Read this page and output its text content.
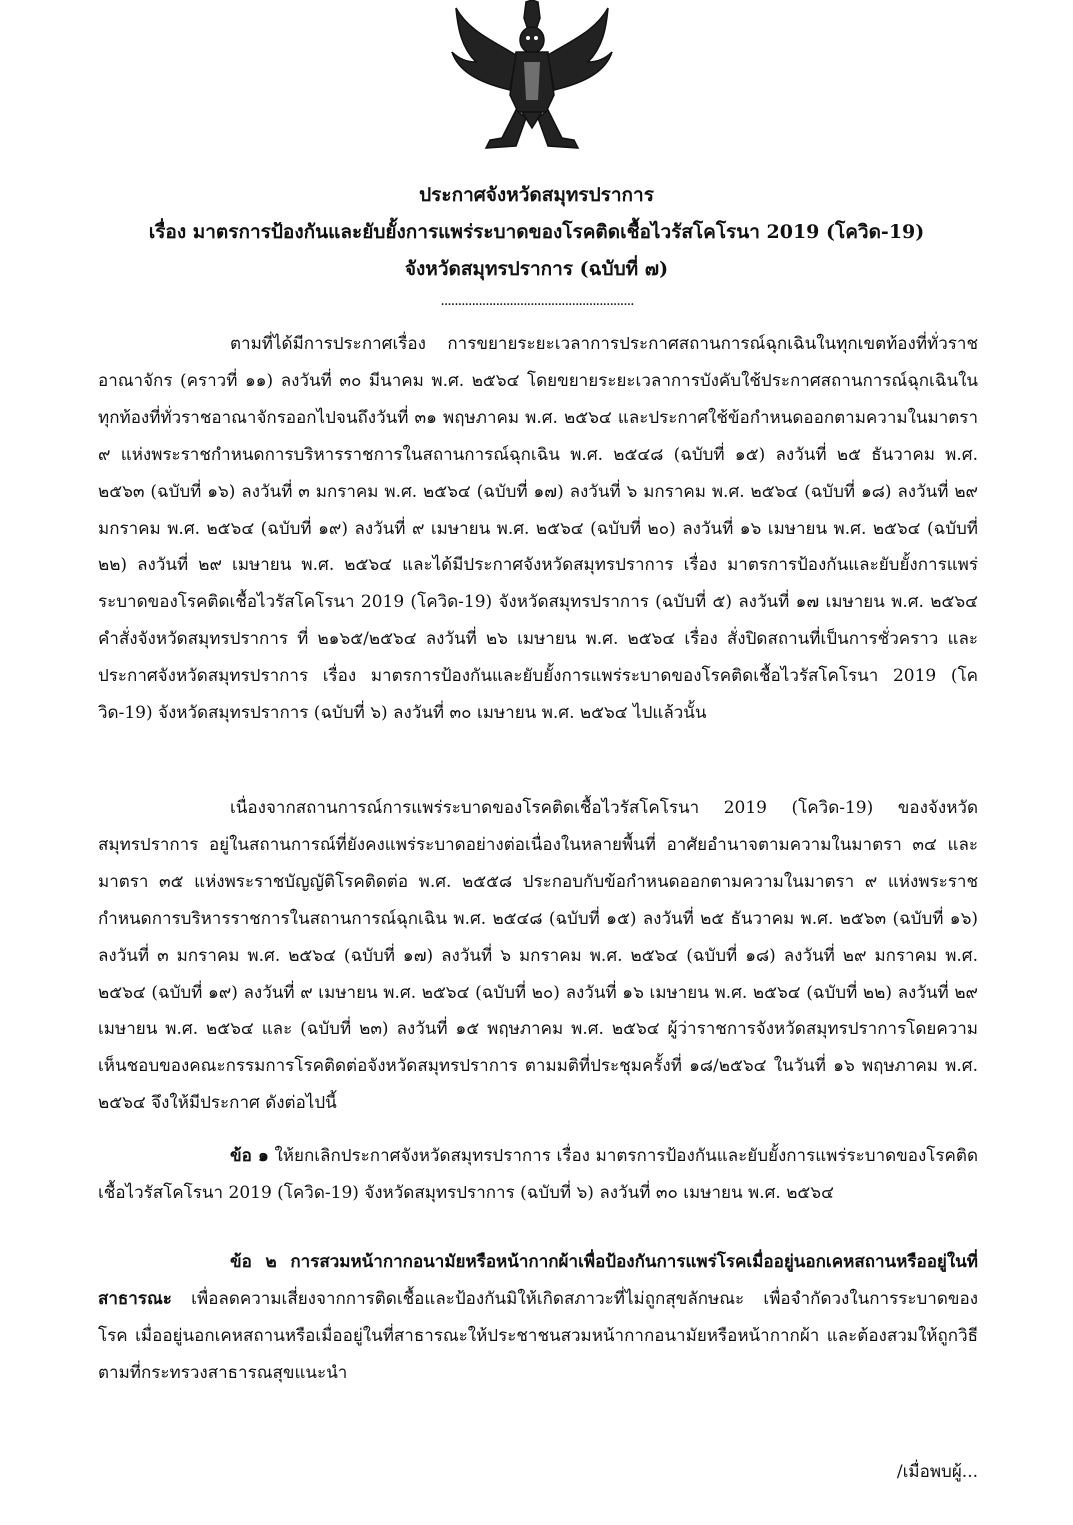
ประกาศจังหวัดสมุทรปราการ
เรื่อง มาตรการป้องกันและยับยั้งการแพร่ระบาดของโรคติดเชื้อไวรัสโคโรนา 2019 (โควิด-19)
จังหวัดสมุทรปราการ (ฉบับที่ ๗)
........................................................
ตามที่ได้มีการประกาศเรื่อง การขยายระยะเวลาการประกาศสถานการณ์ฉุกเฉินในทุกเขตท้องที่ทั่วราชอาณาจักร (คราวที่ ๑๑) ลงวันที่ ๓๐ มีนาคม พ.ศ. ๒๕๖๔ โดยขยายระยะเวลาการบังคับใช้ประกาศสถานการณ์ฉุกเฉินในทุกท้องที่ทั่วราชอาณาจักรออกไปจนถึงวันที่ ๓๑ พฤษภาคม พ.ศ. ๒๕๖๔ และประกาศใช้ข้อกำหนดออกตามความในมาตรา ๙ แห่งพระราชกำหนดการบริหารราชการในสถานการณ์ฉุกเฉิน พ.ศ. ๒๕๔๘ (ฉบับที่ ๑๕) ลงวันที่ ๒๕ ธันวาคม พ.ศ. ๒๕๖๓ (ฉบับที่ ๑๖) ลงวันที่ ๓ มกราคม พ.ศ. ๒๕๖๔ (ฉบับที่ ๑๗) ลงวันที่ ๖ มกราคม พ.ศ. ๒๕๖๔ (ฉบับที่ ๑๘) ลงวันที่ ๒๙ มกราคม พ.ศ. ๒๕๖๔ (ฉบับที่ ๑๙) ลงวันที่ ๙ เมษายน พ.ศ. ๒๕๖๔ (ฉบับที่ ๒๐) ลงวันที่ ๑๖ เมษายน พ.ศ. ๒๕๖๔ (ฉบับที่ ๒๒) ลงวันที่ ๒๙ เมษายน พ.ศ. ๒๕๖๔ และได้มีประกาศจังหวัดสมุทรปราการ เรื่อง มาตรการป้องกันและยับยั้งการแพร่ระบาดของโรคติดเชื้อไวรัสโคโรนา 2019 (โควิด-19) จังหวัดสมุทรปราการ (ฉบับที่ ๕) ลงวันที่ ๑๗ เมษายน พ.ศ. ๒๕๖๔ คำสั่งจังหวัดสมุทรปราการ ที่ ๒๑๖๕/๒๕๖๔ ลงวันที่ ๒๖ เมษายน พ.ศ. ๒๕๖๔ เรื่อง สั่งปิดสถานที่เป็นการชั่วคราว และประกาศจังหวัดสมุทรปราการ เรื่อง มาตรการป้องกันและยับยั้งการแพร่ระบาดของโรคติดเชื้อไวรัสโคโรนา 2019 (โควิด-19) จังหวัดสมุทรปราการ (ฉบับที่ ๖) ลงวันที่ ๓๐ เมษายน พ.ศ. ๒๕๖๔ ไปแล้วนั้น
เนื่องจากสถานการณ์การแพร่ระบาดของโรคติดเชื้อไวรัสโคโรนา 2019 (โควิด-19) ของจังหวัดสมุทรปราการ อยู่ในสถานการณ์ที่ยังคงแพร่ระบาดอย่างต่อเนื่องในหลายพื้นที่ อาศัยอำนาจตามความในมาตรา ๓๔ และมาตรา ๓๕ แห่งพระราชบัญญัติโรคติดต่อ พ.ศ. ๒๕๕๘ ประกอบกับข้อกำหนดออกตามความในมาตรา ๙ แห่งพระราชกำหนดการบริหารราชการในสถานการณ์ฉุกเฉิน พ.ศ. ๒๕๔๘ (ฉบับที่ ๑๕) ลงวันที่ ๒๕ ธันวาคม พ.ศ. ๒๕๖๓ (ฉบับที่ ๑๖) ลงวันที่ ๓ มกราคม พ.ศ. ๒๕๖๔ (ฉบับที่ ๑๗) ลงวันที่ ๖ มกราคม พ.ศ. ๒๕๖๔ (ฉบับที่ ๑๘) ลงวันที่ ๒๙ มกราคม พ.ศ. ๒๕๖๔ (ฉบับที่ ๑๙) ลงวันที่ ๙ เมษายน พ.ศ. ๒๕๖๔ (ฉบับที่ ๒๐) ลงวันที่ ๑๖ เมษายน พ.ศ. ๒๕๖๔ (ฉบับที่ ๒๒) ลงวันที่ ๒๙ เมษายน พ.ศ. ๒๕๖๔ และ (ฉบับที่ ๒๓) ลงวันที่ ๑๕ พฤษภาคม พ.ศ. ๒๕๖๔ ผู้ว่าราชการจังหวัดสมุทรปราการโดยความเห็นชอบของคณะกรรมการโรคติดต่อจังหวัดสมุทรปราการ ตามมติที่ประชุมครั้งที่ ๑๘/๒๕๖๔ ในวันที่ ๑๖ พฤษภาคม พ.ศ. ๒๕๖๔ จึงให้มีประกาศ ดังต่อไปนี้
ข้อ ๑ ให้ยกเลิกประกาศจังหวัดสมุทรปราการ เรื่อง มาตรการป้องกันและยับยั้งการแพร่ระบาดของโรคติดเชื้อไวรัสโคโรนา 2019 (โควิด-19) จังหวัดสมุทรปราการ (ฉบับที่ ๖) ลงวันที่ ๓๐ เมษายน พ.ศ. ๒๕๖๔
ข้อ ๒ การสวมหน้ากากอนามัยหรือหน้ากากผ้าเพื่อป้องกันการแพร่โรคเมื่ออยู่นอกเคหสถานหรืออยู่ในที่สาธารณะ เพื่อลดความเสี่ยงจากการติดเชื้อและป้องกันมิให้เกิดสภาวะที่ไม่ถูกสุขลักษณะ เพื่อจำกัดวงในการระบาดของโรค เมื่ออยู่นอกเคหสถานหรือเมื่ออยู่ในที่สาธารณะให้ประชาชนสวมหน้ากากอนามัยหรือหน้ากากผ้า และต้องสวมให้ถูกวิธีตามที่กระทรวงสาธารณสุขแนะนำ
/เมื่อพบผู้...
